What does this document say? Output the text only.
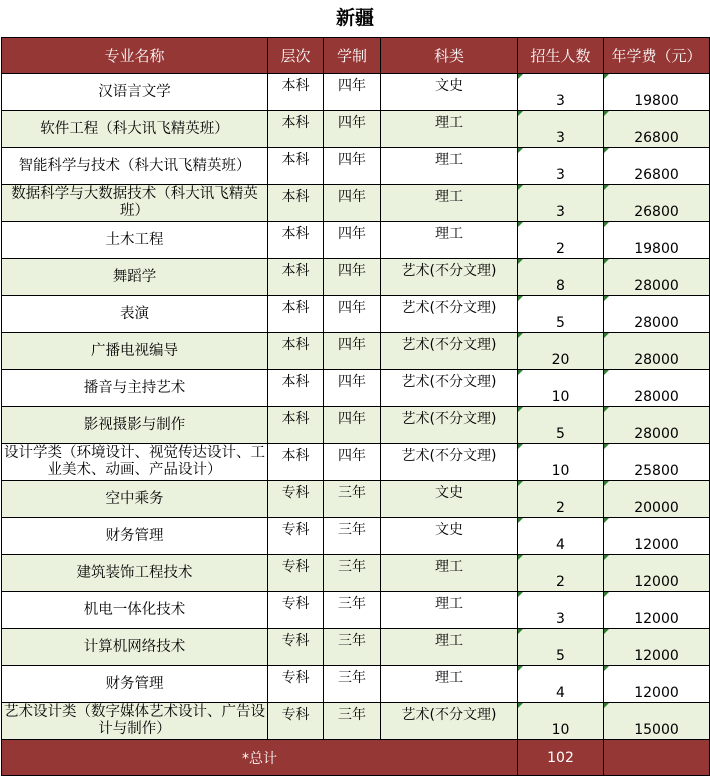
新疆
专业名称	层次	学制	科类	招生人数	年学费（元）
汉语言文学	本科	四年	文史	3	19800
软件工程（科大讯飞精英班）	本科	四年	理工	3	26800
智能科学与技术（科大讯飞精英班）	本科	四年	理工	3	26800
数据科学与大数据技术（科大讯飞精英班）	本科	四年	理工	3	26800
土木工程	本科	四年	理工	2	19800
舞蹈学	本科	四年	艺术(不分文理)	8	28000
表演	本科	四年	艺术(不分文理)	5	28000
广播电视编导	本科	四年	艺术(不分文理)	20	28000
播音与主持艺术	本科	四年	艺术(不分文理)	10	28000
影视摄影与制作	本科	四年	艺术(不分文理)	5	28000
设计学类（环境设计、视觉传达设计、工业美术、动画、产品设计）	本科	四年	艺术(不分文理)	10	25800
空中乘务	专科	三年	文史	2	20000
财务管理	专科	三年	文史	4	12000
建筑装饰工程技术	专科	三年	理工	2	12000
机电一体化技术	专科	三年	理工	3	12000
计算机网络技术	专科	三年	理工	5	12000
财务管理	专科	三年	理工	4	12000
艺术设计类（数字媒体艺术设计、广告设计与制作）	专科	三年	艺术(不分文理)	10	15000
*总计				102	
